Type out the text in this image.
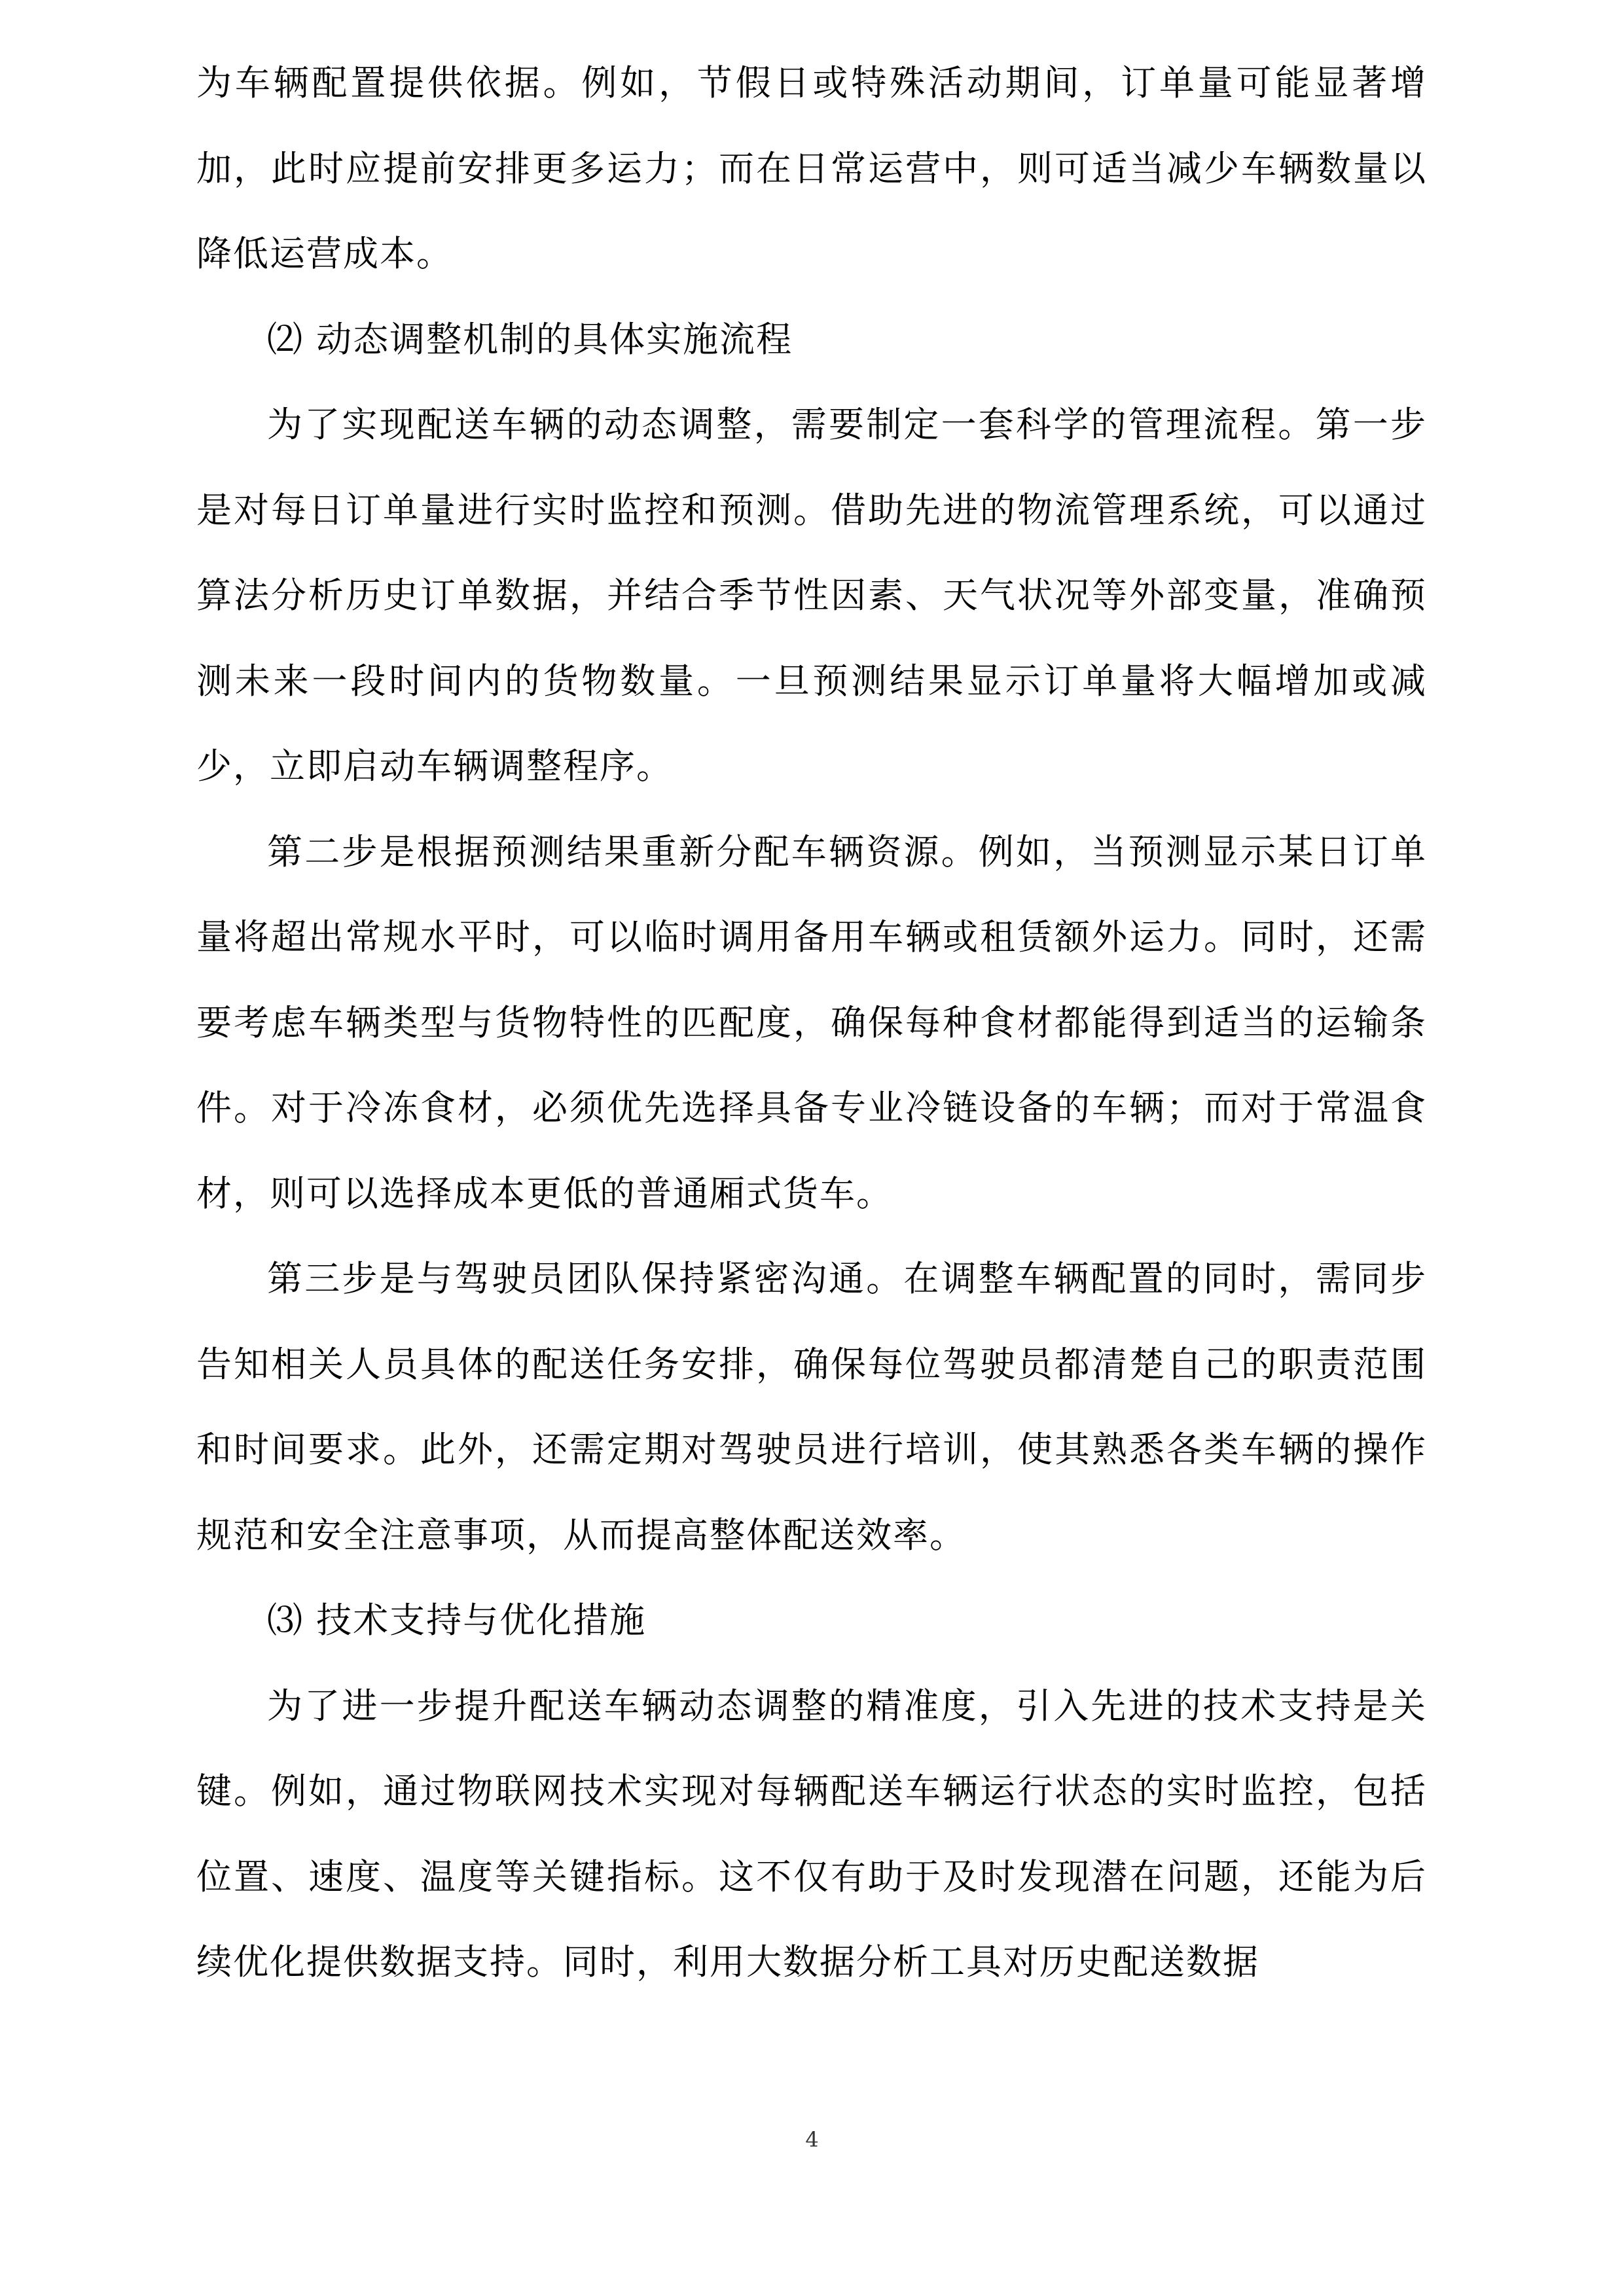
为车辆配置提供依据。例如，节假日或特殊活动期间，订单量可能显著增加，此时应提前安排更多运力；而在日常运营中，则可适当减少车辆数量以降低运营成本。

⑵ 动态调整机制的具体实施流程

为了实现配送车辆的动态调整，需要制定一套科学的管理流程。第一步是对每日订单量进行实时监控和预测。借助先进的物流管理系统，可以通过算法分析历史订单数据，并结合季节性因素、天气状况等外部变量，准确预测未来一段时间内的货物数量。一旦预测结果显示订单量将大幅增加或减少，立即启动车辆调整程序。

第二步是根据预测结果重新分配车辆资源。例如，当预测显示某日订单量将超出常规水平时，可以临时调用备用车辆或租赁额外运力。同时，还需要考虑车辆类型与货物特性的匹配度，确保每种食材都能得到适当的运输条件。对于冷冻食材，必须优先选择具备专业冷链设备的车辆；而对于常温食材，则可以选择成本更低的普通厢式货车。

第三步是与驾驶员团队保持紧密沟通。在调整车辆配置的同时，需同步告知相关人员具体的配送任务安排，确保每位驾驶员都清楚自己的职责范围和时间要求。此外，还需定期对驾驶员进行培训，使其熟悉各类车辆的操作规范和安全注意事项，从而提高整体配送效率。

⑶ 技术支持与优化措施

为了进一步提升配送车辆动态调整的精准度，引入先进的技术支持是关键。例如，通过物联网技术实现对每辆配送车辆运行状态的实时监控，包括位置、速度、温度等关键指标。这不仅有助于及时发现潜在问题，还能为后续优化提供数据支持。同时，利用大数据分析工具对历史配送数据

4
